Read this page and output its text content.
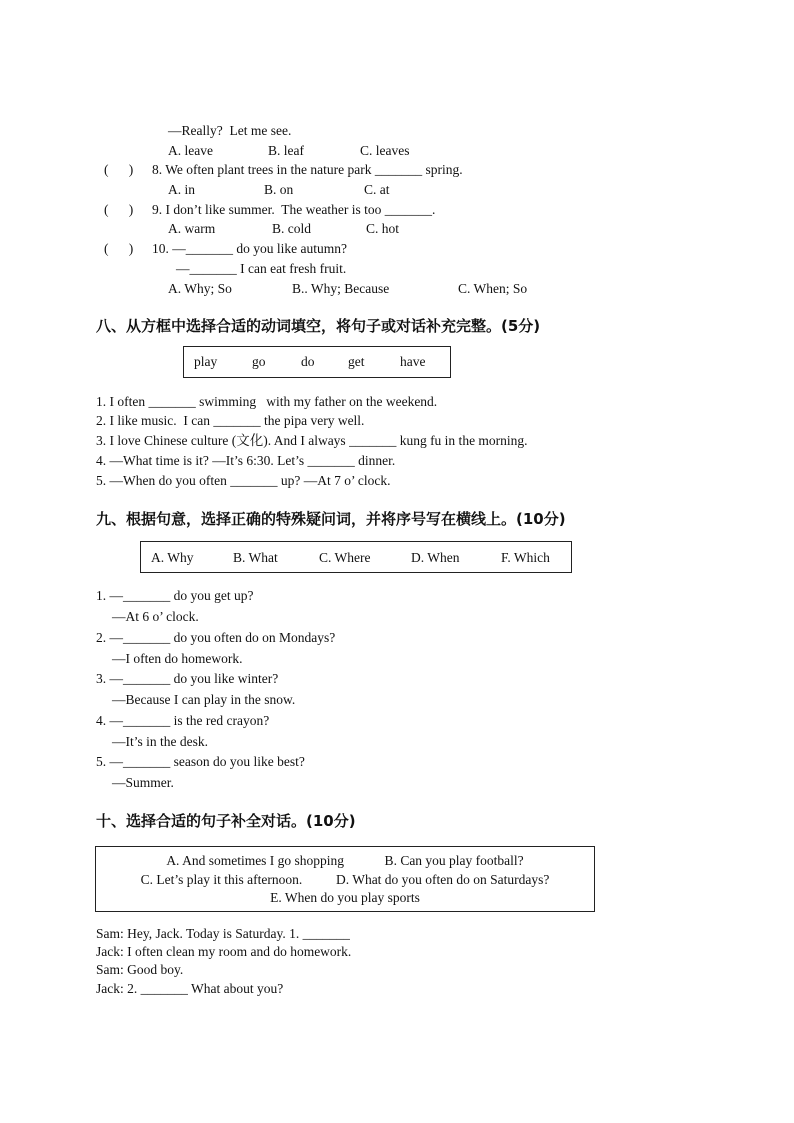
—Really?  Let me see.
A. leave	B. leaf	C. leaves
(      ) 8. We often plant trees in the nature park _______ spring.
A. in	B. on	C. at
(      ) 9. I don’t like summer.  The weather is too _______.
A. warm	B. cold	C. hot
(      ) 10. —_______ do you like autumn?
—_______ I can eat fresh fruit.
A. Why; So	B.. Why; Because	C. When; So
八、从方框中选择合适的动词填空，将句子或对话补充完整。(5分)
play	go	do get	have
1. I often _______ swimming   with my father on the weekend.
2. I like music.  I can _______ the pipa very well.
3. I love Chinese culture (文化). And I always _______ kung fu in the morning.
4. —What time is it? —It’s 6:30. Let’s _______ dinner.
5. —When do you often _______ up? —At 7 o’ clock.
九、根据句意，选择正确的特殊疑问词，并将序号写在横线上。(10分)
A. Why	B. What	C. Where	D. When	F. Which
1. —_______ do you get up?
—At 6 o’ clock.
2. —_______ do you often do on Mondays?
—I often do homework.
3. —_______ do you like winter?
—Because I can play in the snow.
4. —_______ is the red crayon?
—It’s in the desk.
5. —_______ season do you like best?
—Summer.
十、选择合适的句子补全对话。(10分)
A. And sometimes I go shopping            B. Can you play football?
C. Let’s play it this afternoon.          D. What do you often do on Saturdays?
E. When do you play sports
Sam: Hey, Jack. Today is Saturday. 1. _______
Jack: I often clean my room and do homework.
Sam: Good boy.
Jack: 2. _______ What about you?
